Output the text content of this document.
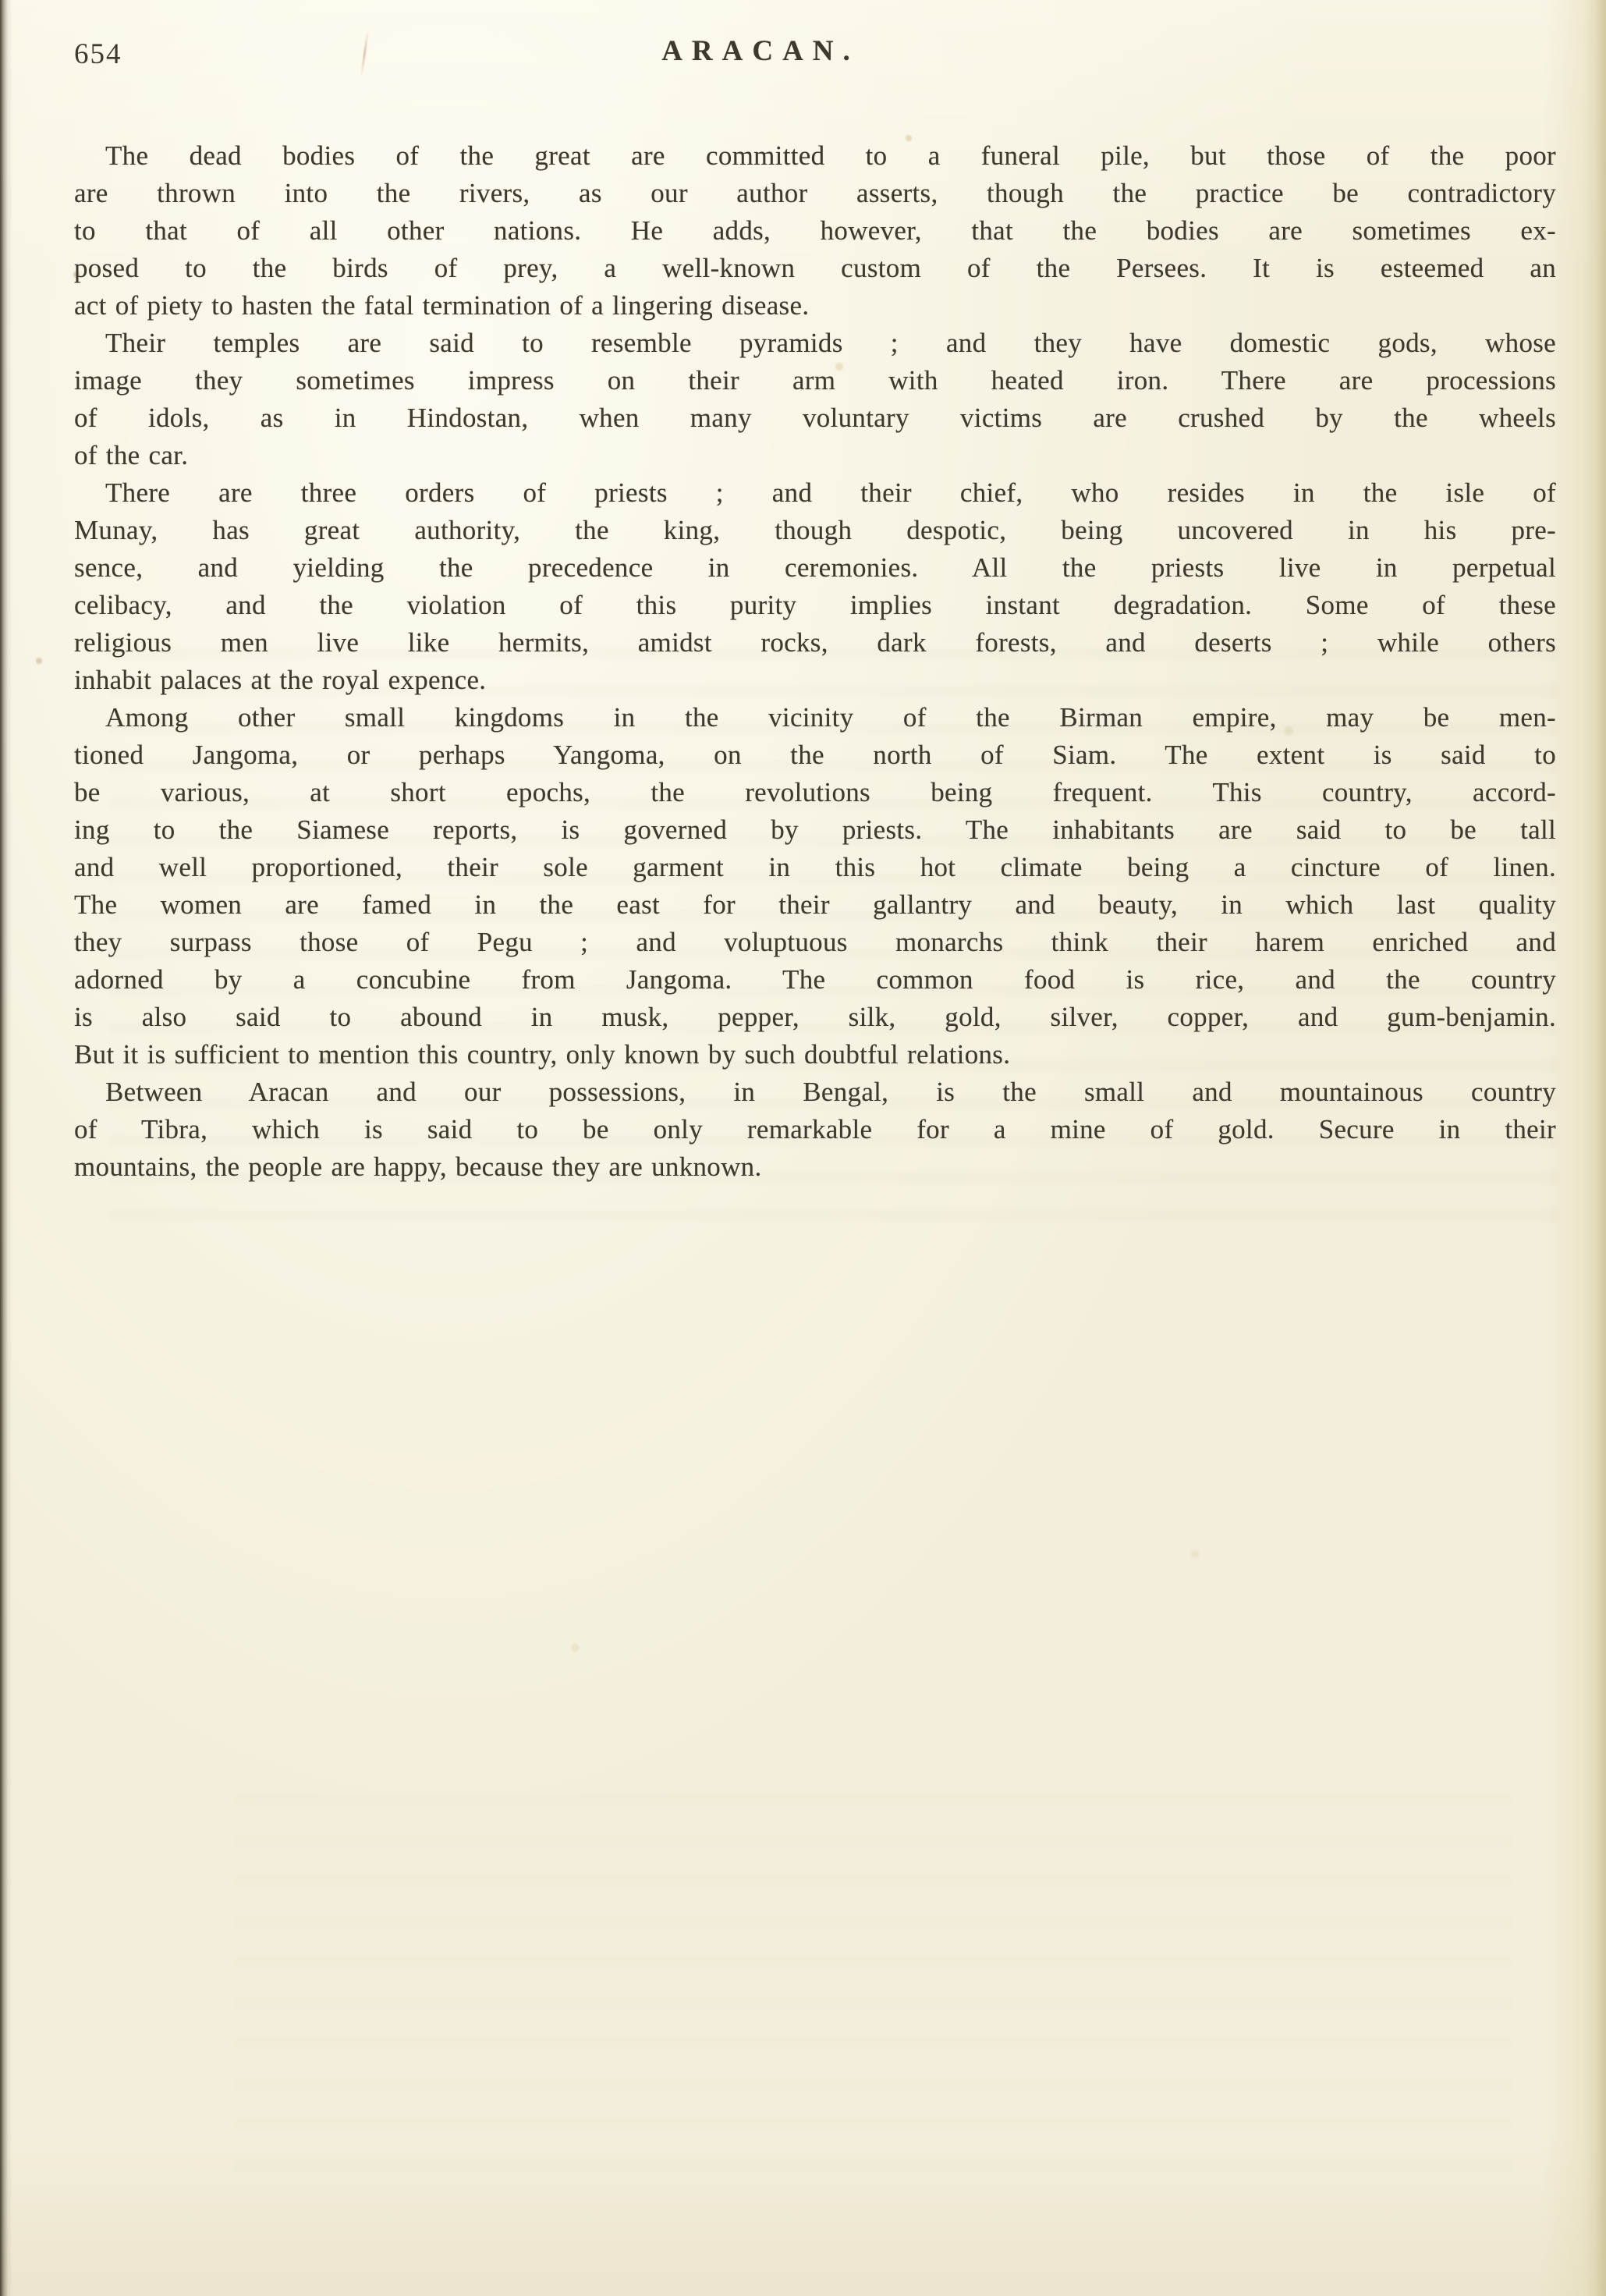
654	ARACAN.
The dead bodies of the great are committed to a funeral pile, but those of the poor
are thrown into the rivers, as our author asserts, though the practice be contradictory
to that of all other nations. He adds, however, that the bodies are sometimes ex-
posed to the birds of prey, a well-known custom of the Persees. It is esteemed an
act of piety to hasten the fatal termination of a lingering disease.
Their temples are said to resemble pyramids ; and they have domestic gods, whose
image they sometimes impress on their arm with heated iron. There are processions
of idols, as in Hindostan, when many voluntary victims are crushed by the wheels
of the car.
There are three orders of priests ; and their chief, who resides in the isle of
Munay, has great authority, the king, though despotic, being uncovered in his pre-
sence, and yielding the precedence in ceremonies. All the priests live in perpetual
celibacy, and the violation of this purity implies instant degradation. Some of these
religious men live like hermits, amidst rocks, dark forests, and deserts ; while others
inhabit palaces at the royal expence.
Among other small kingdoms in the vicinity of the Birman empire, may be men-
tioned Jangoma, or perhaps Yangoma, on the north of Siam. The extent is said to
be various, at short epochs, the revolutions being frequent. This country, accord-
ing to the Siamese reports, is governed by priests. The inhabitants are said to be tall
and well proportioned, their sole garment in this hot climate being a cincture of linen.
The women are famed in the east for their gallantry and beauty, in which last quality
they surpass those of Pegu ; and voluptuous monarchs think their harem enriched and
adorned by a concubine from Jangoma. The common food is rice, and the country
is also said to abound in musk, pepper, silk, gold, silver, copper, and gum-benjamin.
But it is sufficient to mention this country, only known by such doubtful relations.
Between Aracan and our possessions, in Bengal, is the small and mountainous country
of Tibra, which is said to be only remarkable for a mine of gold. Secure in their
mountains, the people are happy, because they are unknown.
